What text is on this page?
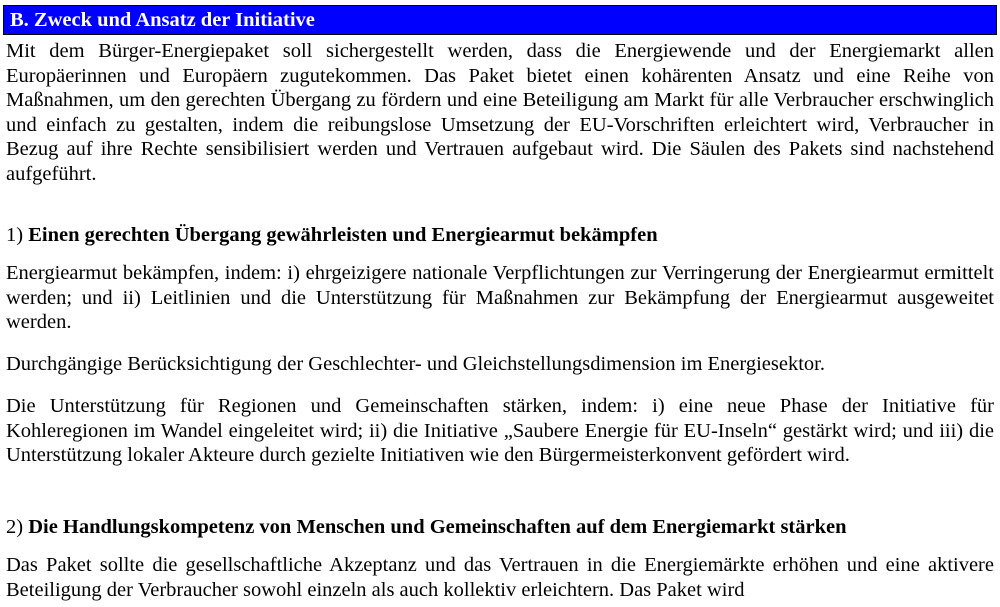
B. Zweck und Ansatz der Initiative

Mit dem Bürger-Energiepaket soll sichergestellt werden, dass die Energiewende und der Energiemarkt allen Europäerinnen und Europäern zugutekommen. Das Paket bietet einen kohärenten Ansatz und eine Reihe von Maßnahmen, um den gerechten Übergang zu fördern und eine Beteiligung am Markt für alle Verbraucher erschwinglich und einfach zu gestalten, indem die reibungslose Umsetzung der EU-Vorschriften erleichtert wird, Verbraucher in Bezug auf ihre Rechte sensibilisiert werden und Vertrauen aufgebaut wird. Die Säulen des Pakets sind nachstehend aufgeführt.

1) Einen gerechten Übergang gewährleisten und Energiearmut bekämpfen

Energiearmut bekämpfen, indem: i) ehrgeizigere nationale Verpflichtungen zur Verringerung der Energiearmut ermittelt werden; und ii) Leitlinien und die Unterstützung für Maßnahmen zur Bekämpfung der Energiearmut ausgeweitet werden.

Durchgängige Berücksichtigung der Geschlechter- und Gleichstellungsdimension im Energiesektor.

Die Unterstützung für Regionen und Gemeinschaften stärken, indem: i) eine neue Phase der Initiative für Kohleregionen im Wandel eingeleitet wird; ii) die Initiative „Saubere Energie für EU-Inseln“ gestärkt wird; und iii) die Unterstützung lokaler Akteure durch gezielte Initiativen wie den Bürgermeisterkonvent gefördert wird.

2) Die Handlungskompetenz von Menschen und Gemeinschaften auf dem Energiemarkt stärken

Das Paket sollte die gesellschaftliche Akzeptanz und das Vertrauen in die Energiemärkte erhöhen und eine aktivere Beteiligung der Verbraucher sowohl einzeln als auch kollektiv erleichtern. Das Paket wird
